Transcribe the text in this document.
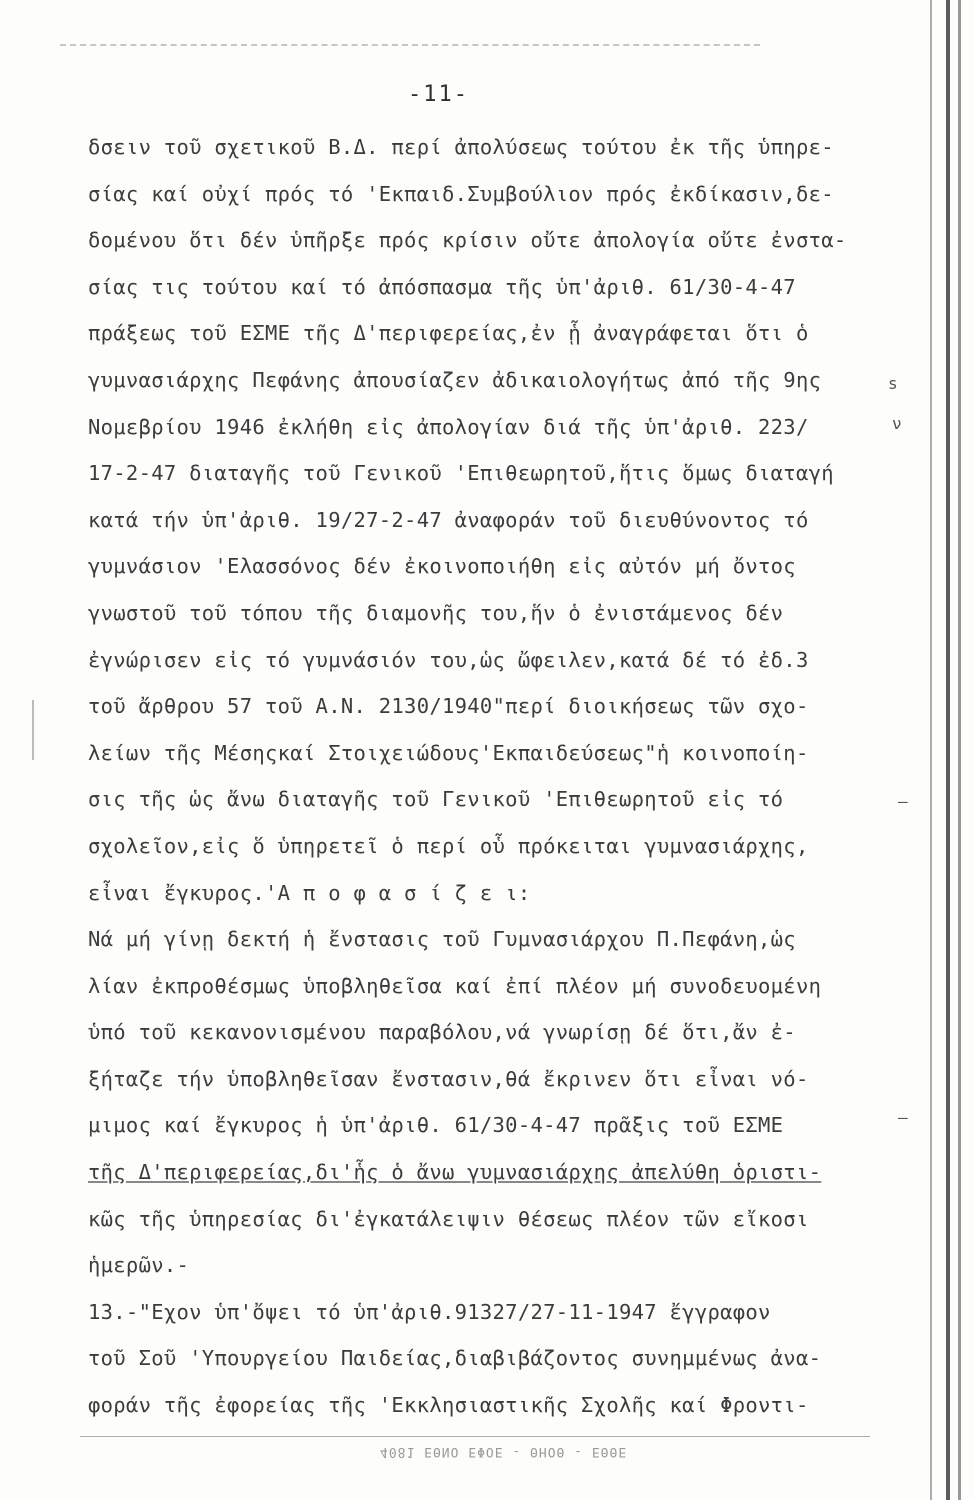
-11-
δσειν τοῦ σχετικοῦ Β.Δ. περί ἀπολύσεως τούτου ἐκ τῆς ὑπηρε-
σίας καί οὐχί πρός τό 'Εκπαιδ.Συμβούλιον πρός ἐκδίκασιν,δε-
δομένου ὅτι δέν ὑπῆρξε πρός κρίσιν οὔτε ἀπολογία οὔτε ἐνστα-
σίας τις τούτου καί τό ἀπόσπασμα τῆς ὑπ'ἀριθ. 61/30-4-47
πράξεως τοῦ ΕΣΜΕ τῆς Δ'περιφερείας,ἐν ᾗ ἀναγράφεται ὅτι ὁ
γυμνασιάρχης Πεφάνης ἀπουσίαζεν ἀδικαιολογήτως ἀπό τῆς 9ης
Νομεβρίου 1946 ἐκλήθη εἰς ἀπολογίαν διά τῆς ὑπ'ἀριθ. 223/
17-2-47 διαταγῆς τοῦ Γενικοῦ 'Επιθεωρητοῦ,ἥτις ὅμως διαταγή
κατά τήν ὑπ'ἀριθ. 19/27-2-47 ἀναφοράν τοῦ διευθύνοντος τό
γυμνάσιον 'Ελασσόνος δέν ἐκοινοποιήθη εἰς αὐτόν μή ὄντος
γνωστοῦ τοῦ τόπου τῆς διαμονῆς του,ἥν ὁ ἐνιστάμενος δέν
ἐγνώρισεν εἰς τό γυμνάσιόν του,ὡς ὤφειλεν,κατά δέ τό ἐδ.3
τοῦ ἄρθρου 57 τοῦ Α.Ν. 2130/1940"περί διοικήσεως τῶν σχο-
λείων τῆς Μέσηςκαί Στοιχειώδους'Εκπαιδεύσεως"ἡ κοινοποίη-
σις τῆς ὡς ἄνω διαταγῆς τοῦ Γενικοῦ 'Επιθεωρητοῦ εἰς τό
σχολεῖον,εἰς ὅ ὑπηρετεῖ ὁ περί οὗ πρόκειται γυμνασιάρχης,
εἶναι ἔγκυρος.'Α π ο φ α σ ί ζ ε ι:
Νά μή γίνῃ δεκτή ἡ ἔνστασις τοῦ Γυμνασιάρχου Π.Πεφάνη,ὡς
λίαν ἐκπροθέσμως ὑποβληθεῖσα καί ἐπί πλέον μή συνοδευομένη
ὑπό τοῦ κεκανονισμένου παραβόλου,νά γνωρίσῃ δέ ὅτι,ἄν ἐ-
ξήταζε τήν ὑποβληθεῖσαν ἔνστασιν,θά ἔκρινεν ὅτι εἶναι νό-
μιμος καί ἔγκυρος ἡ ὑπ'ἀριθ. 61/30-4-47 πρᾶξις τοῦ ΕΣΜΕ
τῆς Δ'περιφερείας,δι'ἧς ὁ ἄνω γυμνασιάρχης ἀπελύθη ὁριστι-
κῶς τῆς ὑπηρεσίας δι'ἐγκατάλειψιν θέσεως πλέον τῶν εἴκοσι
ἡμερῶν.-
13.-"Εχον ὑπ'ὄψει τό ὑπ'ἀριθ.91327/27-11-1947 ἔγγραφον
τοῦ Σοῦ 'Υπουργείου Παιδείας,διαβιβάζοντος συνημμένως ἀνα-
φοράν τῆς ἐφορείας τῆς 'Εκκλησιαστικῆς Σχολῆς καί Φροντι-
s
ν
—
—
4081 ΕΘΝΟ ΕΦΟΕ - ΘΗΟΘ - ΕΘΘΕ
